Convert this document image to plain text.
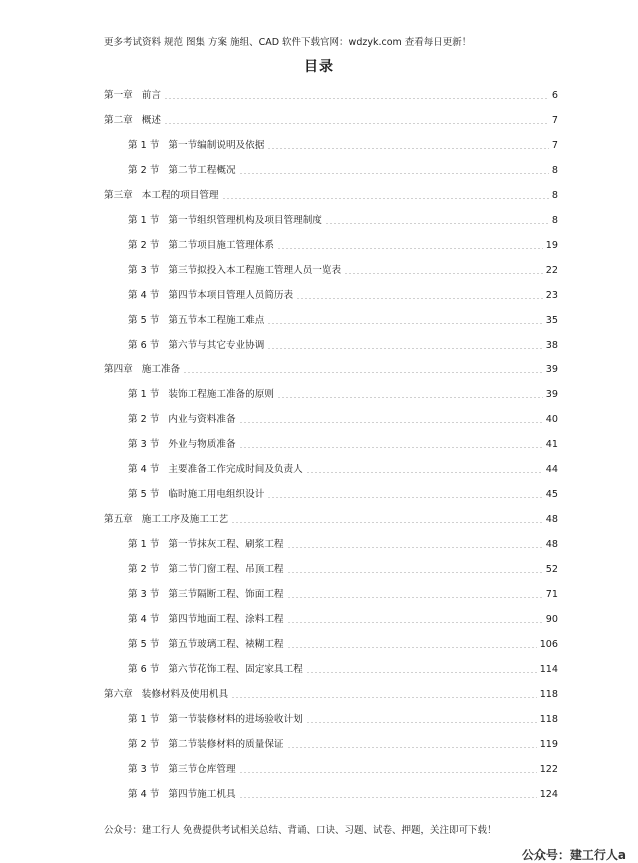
更多考试资料 规范 图集 方案 施组、CAD 软件下载官网：wdzyk.com 查看每日更新！
目录
第一章 前言	6
第二章 概述	7
第 1 节 第一节编制说明及依据	7
第 2 节 第二节工程概况	8
第三章 本工程的项目管理	8
第 1 节 第一节组织管理机构及项目管理制度	8
第 2 节 第二节项目施工管理体系	19
第 3 节 第三节拟投入本工程施工管理人员一览表	22
第 4 节 第四节本项目管理人员简历表	23
第 5 节 第五节本工程施工难点	35
第 6 节 第六节与其它专业协调	38
第四章 施工准备	39
第 1 节 装饰工程施工准备的原则	39
第 2 节 内业与资料准备	40
第 3 节 外业与物质准备	41
第 4 节 主要准备工作完成时间及负责人	44
第 5 节 临时施工用电组织设计	45
第五章 施工工序及施工工艺	48
第 1 节 第一节抹灰工程、刷浆工程	48
第 2 节 第二节门窗工程、吊顶工程	52
第 3 节 第三节隔断工程、饰面工程	71
第 4 节 第四节地面工程、涂料工程	90
第 5 节 第五节玻璃工程、裱糊工程	106
第 6 节 第六节花饰工程、固定家具工程	114
第六章 装修材料及使用机具	118
第 1 节 第一节装修材料的进场验收计划	118
第 2 节 第二节装修材料的质量保证	119
第 3 节 第三节仓库管理	122
第 4 节 第四节施工机具	124
公众号：建工行人 免费提供考试相关总结、背诵、口诀、习题、试卷、押题，关注即可下载！
公众号：建工行人a
